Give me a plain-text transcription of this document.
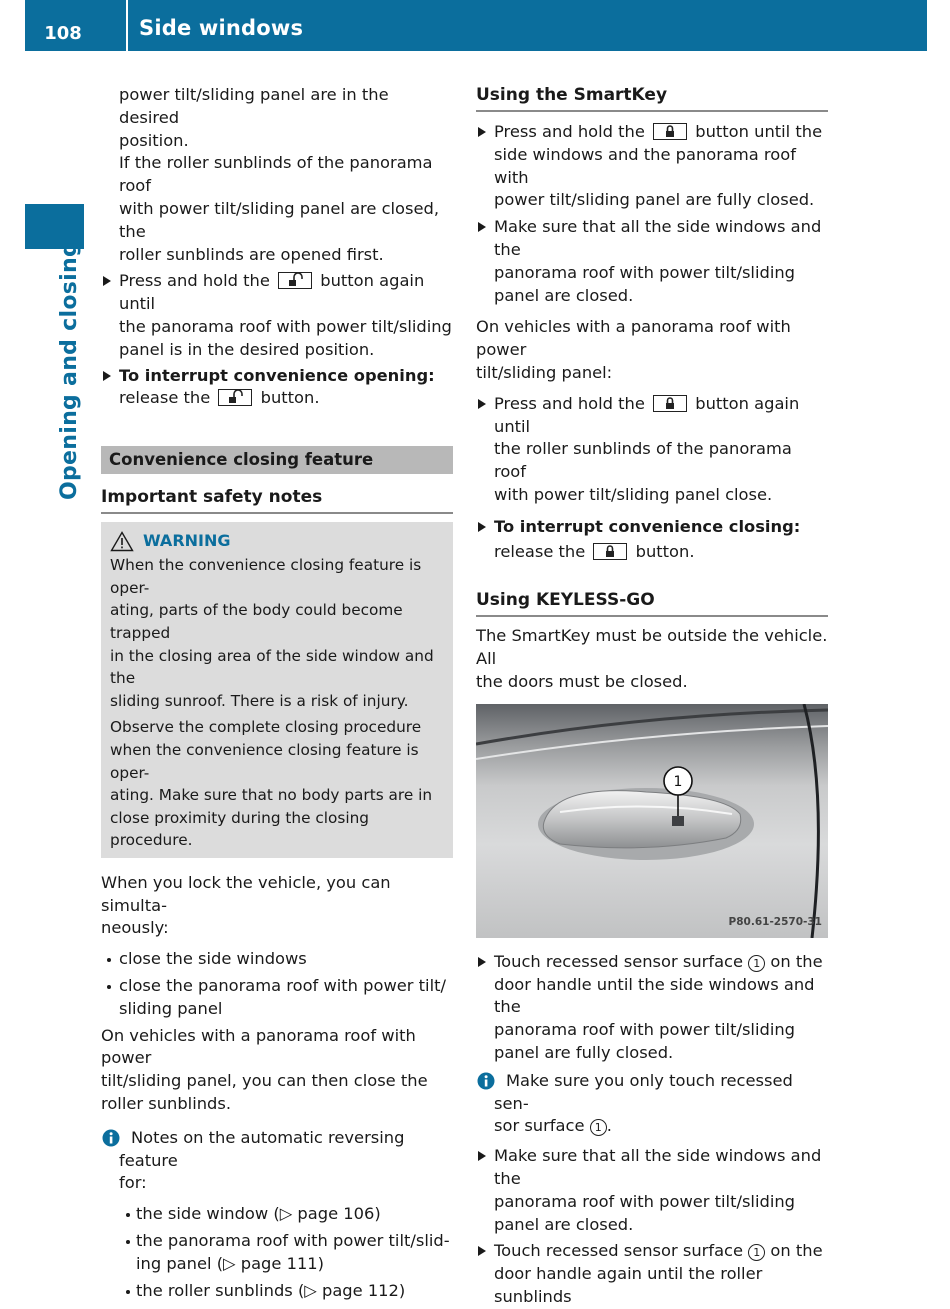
108	Side windows
Opening and closing

power tilt/sliding panel are in the desired

position.

If the roller sunblinds of the panorama roof

with power tilt/sliding panel are closed, the

roller sunblinds are opened first.

Press and hold the	button again until

the panorama roof with power tilt/sliding

panel is in the desired position.

To interrupt convenience opening:

release the	button.

Convenience closing feature
Important safety notes
WARNING

When the convenience closing feature is oper-

ating, parts of the body could become trapped

in the closing area of the side window and the

sliding sunroof. There is a risk of injury.

Observe the complete closing procedure

when the convenience closing feature is oper-

ating. Make sure that no body parts are in

close proximity during the closing procedure.

When you lock the vehicle, you can simulta-

neously:

close the side windows

close the panorama roof with power tilt/

sliding panel

On vehicles with a panorama roof with power

tilt/sliding panel, you can then close the

roller sunblinds.

Notes on the automatic reversing feature

for:

the side window (▷ page 106)

the panorama roof with power tilt/slid-

ing panel (▷ page 111)

the roller sunblinds (▷ page 112)

Using the SmartKey

Press and hold the	button until the

side windows and the panorama roof with

power tilt/sliding panel are fully closed.

Make sure that all the side windows and the

panorama roof with power tilt/sliding

panel are closed.

On vehicles with a panorama roof with power

tilt/sliding panel:

Press and hold the	button again until

the roller sunblinds of the panorama roof

with power tilt/sliding panel close.

To interrupt convenience closing:

release the	button.

Using KEYLESS-GO

The SmartKey must be outside the vehicle. All

the doors must be closed.

1
P80.61-2570-31

Touch recessed sensor surface 1 on the

door handle until the side windows and the

panorama roof with power tilt/sliding

panel are fully closed.

Make sure you only touch recessed sen-

sor surface 1 .

Make sure that all the side windows and the

panorama roof with power tilt/sliding

panel are closed.

Touch recessed sensor surface 1 on the

door handle again until the roller sunblinds
